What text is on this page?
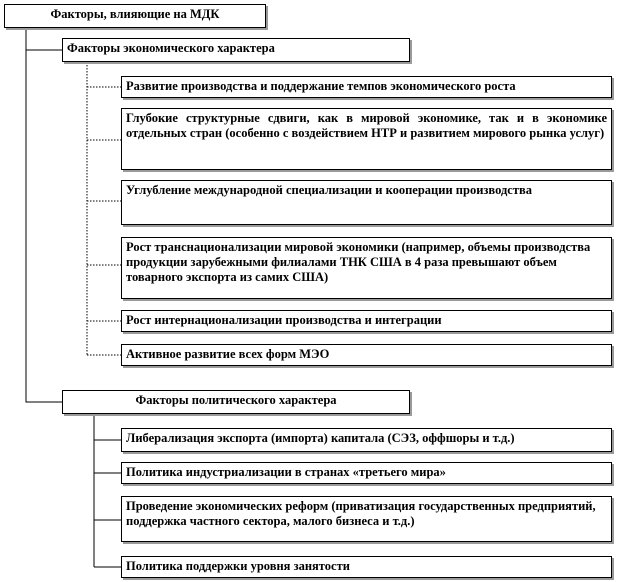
Факторы, влияющие на МДК
Факторы экономического характера
Развитие производства и поддержание темпов экономического роста
Глубокие структурные сдвиги, как в мировой экономике, так и в экономике отдельных стран (особенно с воздействием НТР и развитием мирового рынка услуг)
Углубление международной специализации и кооперации производства
Рост транснационализации мировой экономики (например, объемы производства продукции зарубежными филиалами ТНК США в 4 раза превышают объем товарного экспорта из самих США)
Рост интернационализации производства и интеграции
Активное развитие всех форм МЭО
Факторы политического характера
Либерализация экспорта (импорта) капитала (СЭЗ, оффшоры и т.д.)
Политика индустриализации в странах «третьего мира»
Проведение экономических реформ (приватизация государственных предприятий, поддержка частного сектора, малого бизнеса и т.д.)
Политика поддержки уровня занятости
